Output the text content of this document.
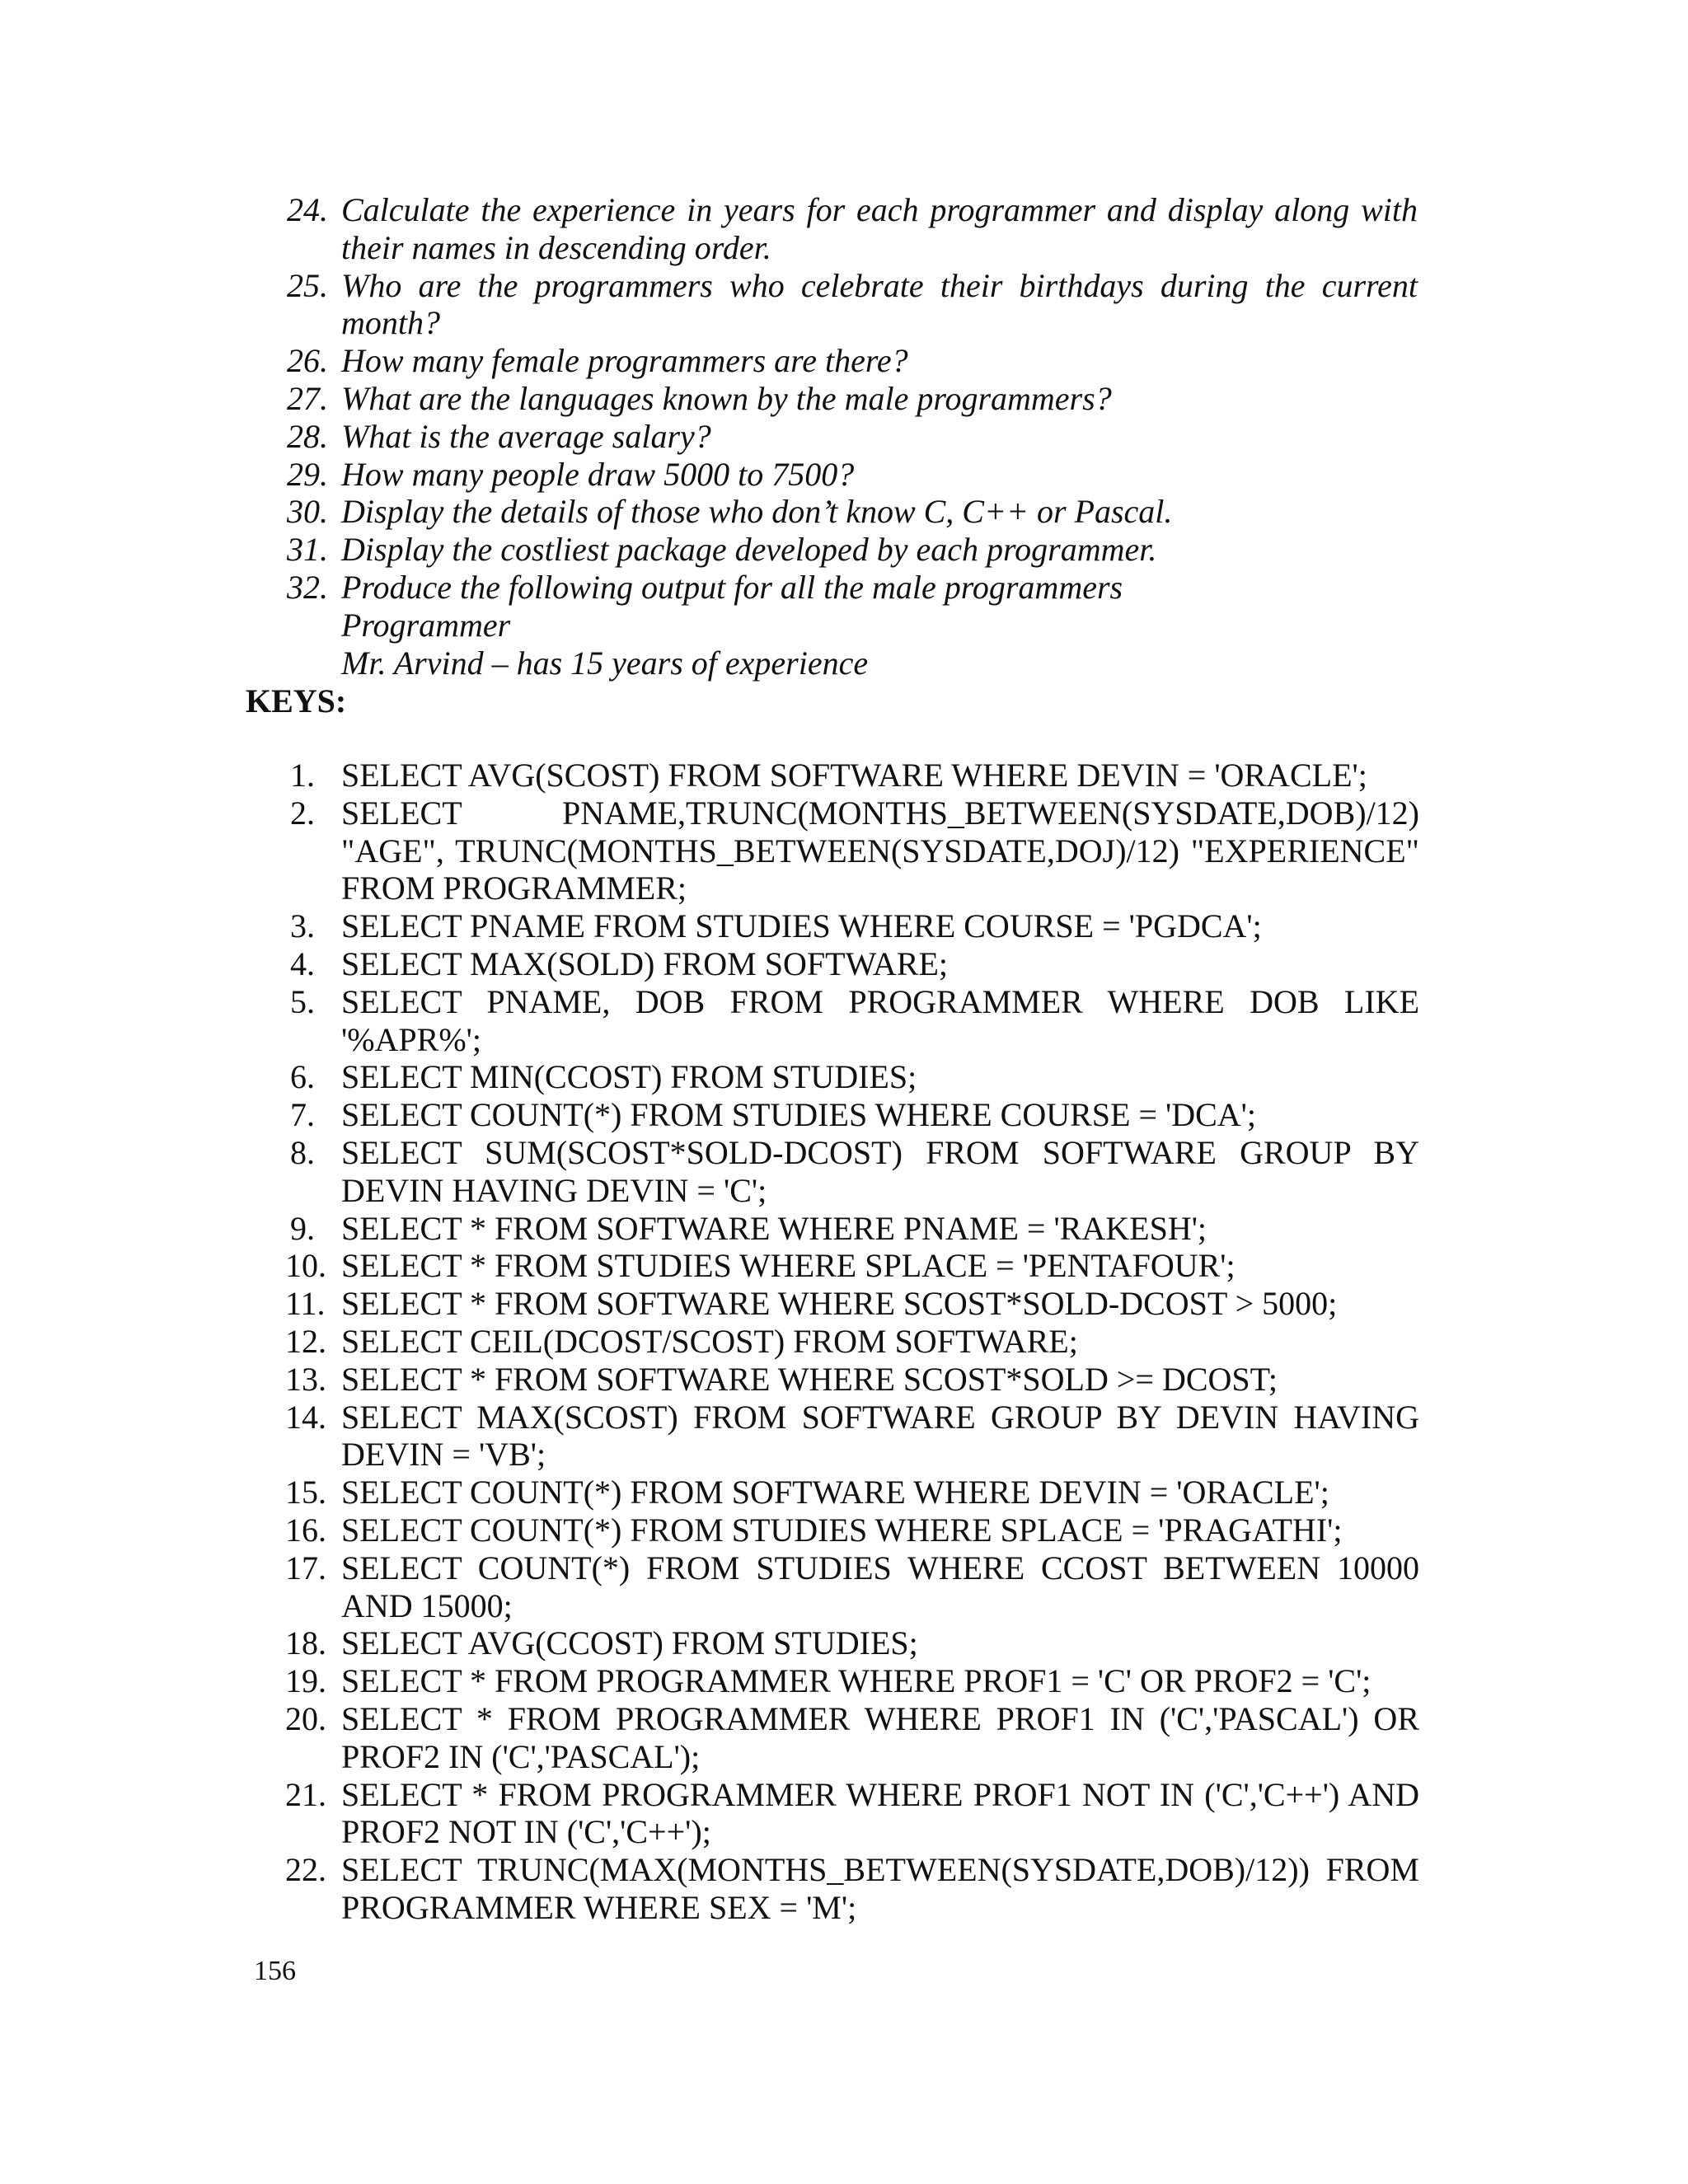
24. Calculate the experience in years for each programmer and display along with their names in descending order.
25. Who are the programmers who celebrate their birthdays during the current month?
26. How many female programmers are there?
27. What are the languages known by the male programmers?
28. What is the average salary?
29. How many people draw 5000 to 7500?
30. Display the details of those who don’t know C, C++ or Pascal.
31. Display the costliest package developed by each programmer.
32. Produce the following output for all the male programmers
Programmer
Mr. Arvind – has 15 years of experience
KEYS:
1. SELECT AVG(SCOST) FROM SOFTWARE WHERE DEVIN = 'ORACLE';
2. SELECT PNAME,TRUNC(MONTHS_BETWEEN(SYSDATE,DOB)/12) "AGE", TRUNC(MONTHS_BETWEEN(SYSDATE,DOJ)/12) "EXPERIENCE" FROM PROGRAMMER;
3. SELECT PNAME FROM STUDIES WHERE COURSE = 'PGDCA';
4. SELECT MAX(SOLD) FROM SOFTWARE;
5. SELECT PNAME, DOB FROM PROGRAMMER WHERE DOB LIKE '%APR%';
6. SELECT MIN(CCOST) FROM STUDIES;
7. SELECT COUNT(*) FROM STUDIES WHERE COURSE = 'DCA';
8. SELECT SUM(SCOST*SOLD-DCOST) FROM SOFTWARE GROUP BY DEVIN HAVING DEVIN = 'C';
9. SELECT * FROM SOFTWARE WHERE PNAME = 'RAKESH';
10. SELECT * FROM STUDIES WHERE SPLACE = 'PENTAFOUR';
11. SELECT * FROM SOFTWARE WHERE SCOST*SOLD-DCOST > 5000;
12. SELECT CEIL(DCOST/SCOST) FROM SOFTWARE;
13. SELECT * FROM SOFTWARE WHERE SCOST*SOLD >= DCOST;
14. SELECT MAX(SCOST) FROM SOFTWARE GROUP BY DEVIN HAVING DEVIN = 'VB';
15. SELECT COUNT(*) FROM SOFTWARE WHERE DEVIN = 'ORACLE';
16. SELECT COUNT(*) FROM STUDIES WHERE SPLACE = 'PRAGATHI';
17. SELECT COUNT(*) FROM STUDIES WHERE CCOST BETWEEN 10000 AND 15000;
18. SELECT AVG(CCOST) FROM STUDIES;
19. SELECT * FROM PROGRAMMER WHERE PROF1 = 'C' OR PROF2 = 'C';
20. SELECT * FROM PROGRAMMER WHERE PROF1 IN ('C','PASCAL') OR PROF2 IN ('C','PASCAL');
21. SELECT * FROM PROGRAMMER WHERE PROF1 NOT IN ('C','C++') AND PROF2 NOT IN ('C','C++');
22. SELECT TRUNC(MAX(MONTHS_BETWEEN(SYSDATE,DOB)/12)) FROM PROGRAMMER WHERE SEX = 'M';
156
